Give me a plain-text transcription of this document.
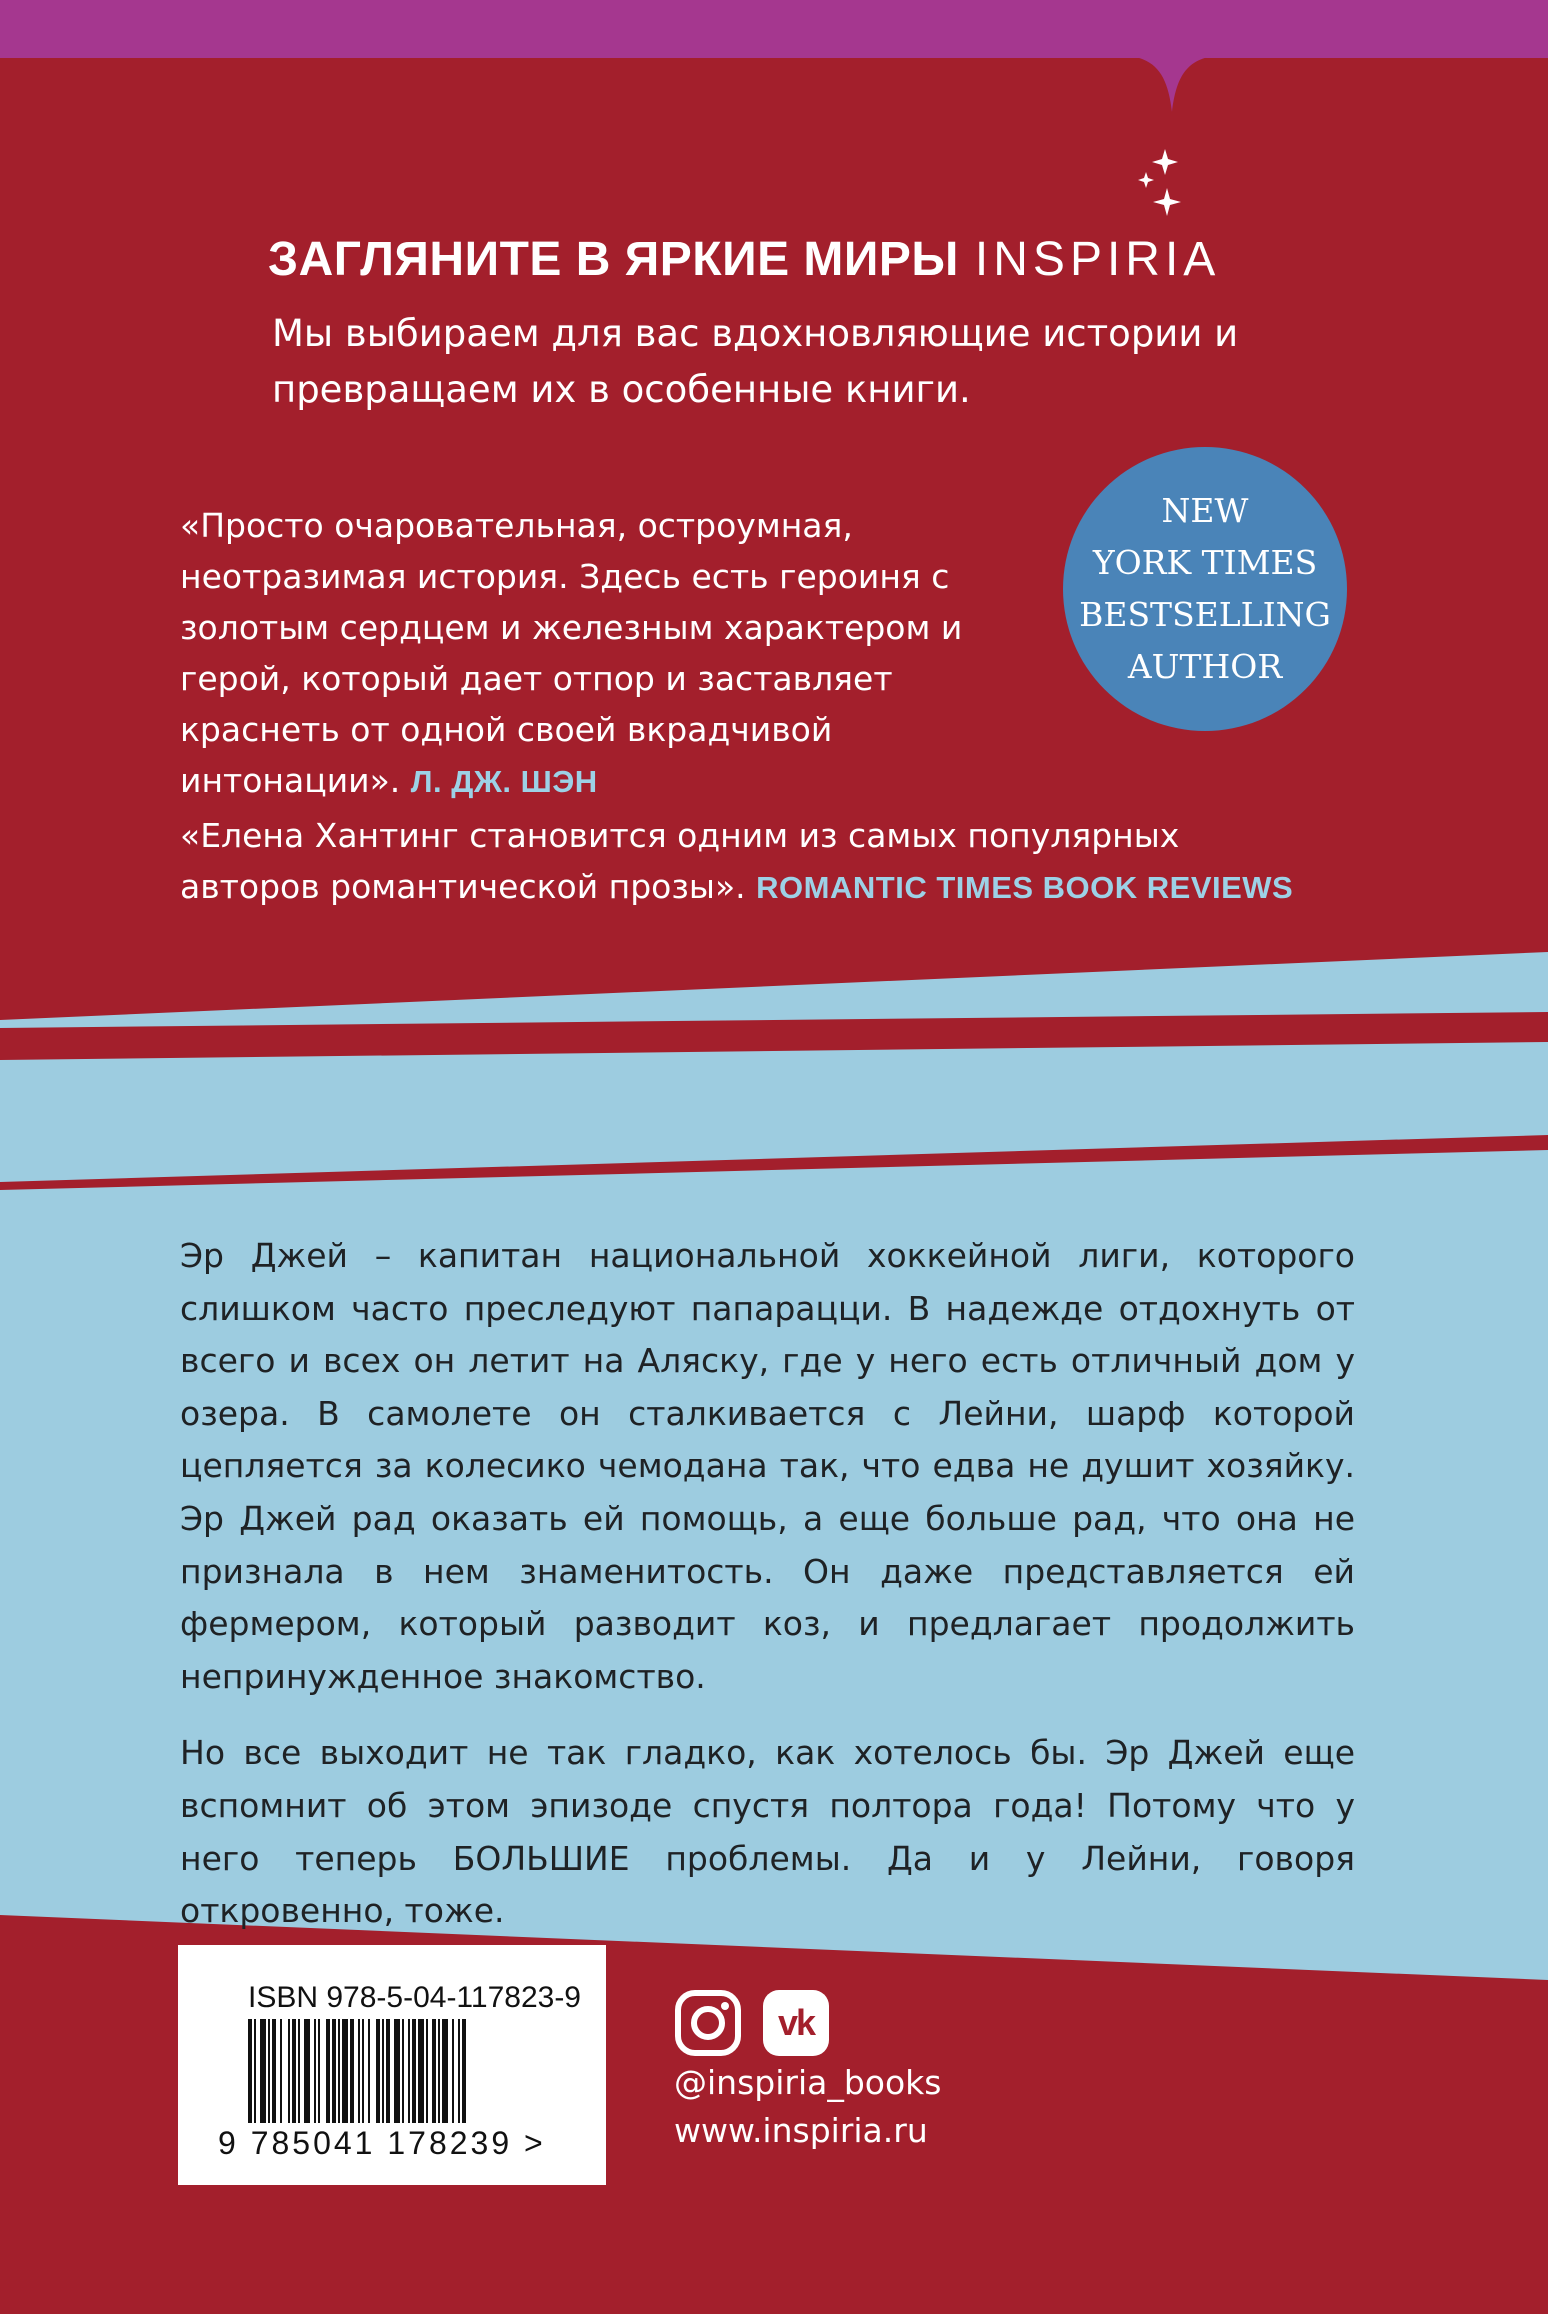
ЗАГЛЯНИТЕ В ЯРКИЕ МИРЫ INSPIRIA

Мы выбираем для вас вдохновляющие истории и превращаем их в особенные книги.

NEW
YORK TIMES
BESTSELLING
AUTHOR

«Просто очаровательная, остроумная, неотразимая история. Здесь есть героиня с золотым сердцем и железным характером и герой, который дает отпор и заставляет краснеть от одной своей вкрадчивой интонации». Л. ДЖ. ШЭН

«Елена Хантинг становится одним из самых популярных авторов романтической прозы». ROMANTIC TIMES BOOK REVIEWS

Эр Джей – капитан национальной хоккейной лиги, которого слишком часто преследуют папарацци. В надежде отдохнуть от всего и всех он летит на Аляску, где у него есть отличный дом у озера. В самолете он сталкивается с Лейни, шарф которой цепляется за колесико чемодана так, что едва не душит хозяйку. Эр Джей рад оказать ей помощь, а еще больше рад, что она не признала в нем знаменитость. Он даже представляется ей фермером, который разводит коз, и предлагает продолжить непринужденное знакомство.

Но все выходит не так гладко, как хотелось бы. Эр Джей еще вспомнит об этом эпизоде спустя полтора года! Потому что у него теперь БОЛЬШИЕ проблемы. Да и у Лейни, говоря откровенно, тоже.

ISBN 978-5-04-117823-9
9 785041 178239 >
vk
@inspiria_books
www.inspiria.ru
